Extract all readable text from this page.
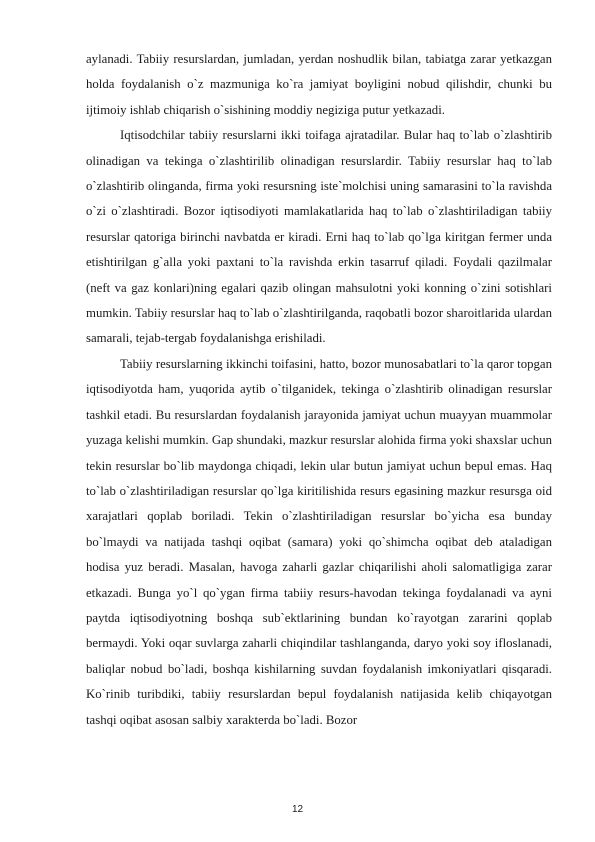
aylanadi. Tabiiy resurslardan, jumladan, yerdan noshudlik bilan, tabiatga zarar yetkazgan holda foydalanish o`z mazmuniga ko`ra jamiyat boyligini nobud qilishdir, chunki bu ijtimoiy ishlab chiqarish o`sishining moddiy negiziga putur yetkazadi.

Iqtisodchilar tabiiy resurslarni ikki toifaga ajratadilar. Bular haq to`lab o`zlashtirib olinadigan va tekinga o`zlashtirilib olinadigan resurslardir. Tabiiy resurslar haq to`lab o`zlashtirib olinganda, firma yoki resursning iste`molchisi uning samarasini to`la ravishda o`zi o`zlashtiradi. Bozor iqtisodiyoti mamlakatlarida haq to`lab o`zlashtiriladigan tabiiy resurslar qatoriga birinchi navbatda er kiradi. Erni haq to`lab qo`lga kiritgan fermer unda etishtirilgan g`alla yoki paxtani to`la ravishda erkin tasarruf qiladi. Foydali qazilmalar (neft va gaz konlari)ning egalari qazib olingan mahsulotni yoki konning o`zini sotishlari mumkin. Tabiiy resurslar haq to`lab o`zlashtirilganda, raqobatli bozor sharoitlarida ulardan samarali, tejab-tergab foydalanishga erishiladi.

Tabiiy resurslarning ikkinchi toifasini, hatto, bozor munosabatlari to`la qaror topgan iqtisodiyotda ham, yuqorida aytib o`tilganidek, tekinga o`zlashtirib olinadigan resurslar tashkil etadi. Bu resurslardan foydalanish jarayonida jamiyat uchun muayyan muammolar yuzaga kelishi mumkin. Gap shundaki, mazkur resurslar alohida firma yoki shaxslar uchun tekin resurslar bo`lib maydonga chiqadi, lekin ular butun jamiyat uchun bepul emas. Haq to`lab o`zlashtiriladigan resurslar qo`lga kiritilishida resurs egasining mazkur resursga oid xarajatlari qoplab boriladi. Tekin o`zlashtiriladigan resurslar bo`yicha esa bunday bo`lmaydi va natijada tashqi oqibat (samara) yoki qo`shimcha oqibat deb ataladigan hodisa yuz beradi. Masalan, havoga zaharli gazlar chiqarilishi aholi salomatligiga zarar etkazadi. Bunga yo`l qo`ygan firma tabiiy resurs-havodan tekinga foydalanadi va ayni paytda iqtisodiyotning boshqa sub`ektlarining bundan ko`rayotgan zararini qoplab bermaydi. Yoki oqar suvlarga zaharli chiqindilar tashlanganda, daryo yoki soy ifloslanadi, baliqlar nobud bo`ladi, boshqa kishilarning suvdan foydalanish imkoniyatlari qisqaradi. Ko`rinib turibdiki, tabiiy resurslardan bepul foydalanish natijasida kelib chiqayotgan tashqi oqibat asosan salbiy xarakterda bo`ladi. Bozor

12
